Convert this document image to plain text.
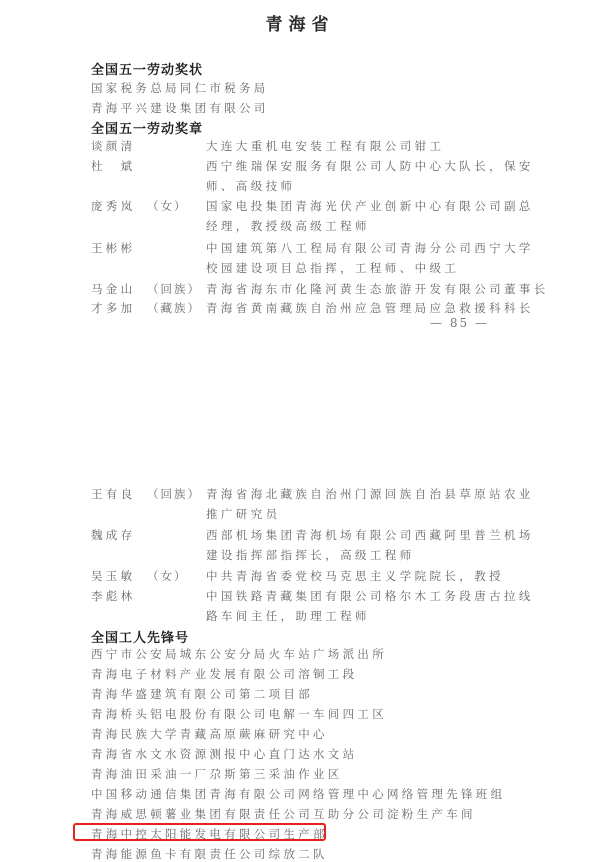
青海省
全国五一劳动奖状
国家税务总局同仁市税务局
青海平兴建设集团有限公司
全国五一劳动奖章
谈颜清	大连大重机电安装工程有限公司钳工
杜　斌	西宁维瑞保安服务有限公司人防中心大队长，保安
师、高级技师
庞秀岚 （女） 国家电投集团青海光伏产业创新中心有限公司副总
经理，教授级高级工程师
王彬彬	中国建筑第八工程局有限公司青海分公司西宁大学
校园建设项目总指挥，工程师、中级工
马金山 （回族） 青海省海东市化隆河黄生态旅游开发有限公司董事长
才多加 （藏族） 青海省黄南藏族自治州应急管理局应急救援科科长
— 85 —
王有良 （回族） 青海省海北藏族自治州门源回族自治县草原站农业
推广研究员
魏成存	西部机场集团青海机场有限公司西藏阿里普兰机场
建设指挥部指挥长，高级工程师
吴玉敏 （女） 中共青海省委党校马克思主义学院院长，教授
李彪林	中国铁路青藏集团有限公司格尔木工务段唐古拉线
路车间主任，助理工程师
全国工人先锋号
西宁市公安局城东公安分局火车站广场派出所
青海电子材料产业发展有限公司溶铜工段
青海华盛建筑有限公司第二项目部
青海桥头铝电股份有限公司电解一车间四工区
青海民族大学青藏高原蕨麻研究中心
青海省水文水资源测报中心直门达水文站
青海油田采油一厂尕斯第三采油作业区
中国移动通信集团青海有限公司网络管理中心网络管理先锋班组
青海威思顿薯业集团有限责任公司互助分公司淀粉生产车间
青海中控太阳能发电有限公司生产部
青海能源鱼卡有限责任公司综放二队
